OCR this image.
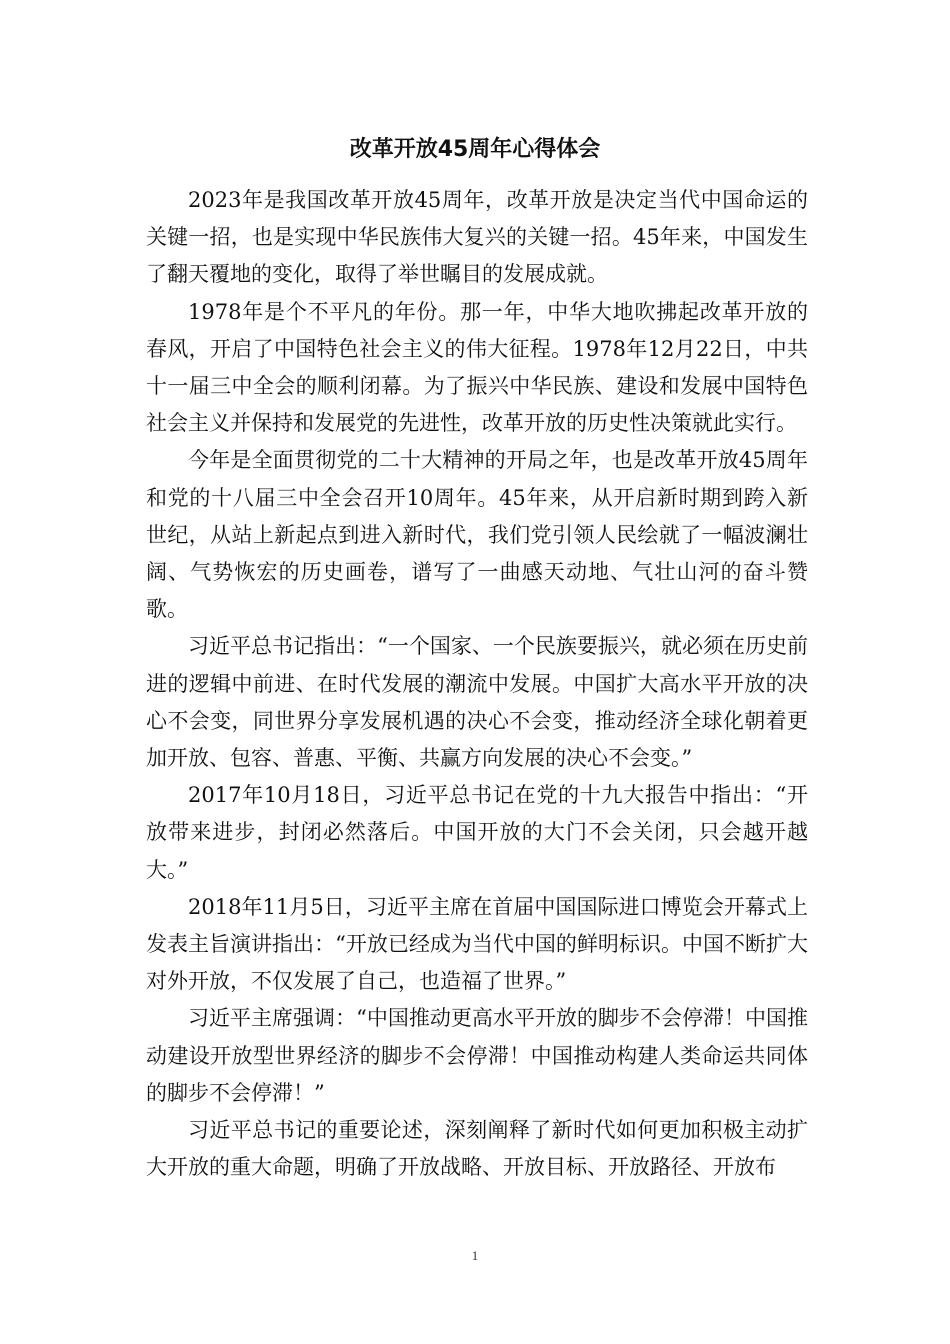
改革开放45周年心得体会

2023年是我国改革开放45周年，改革开放是决定当代中国命运的关键一招，也是实现中华民族伟大复兴的关键一招。45年来，中国发生了翻天覆地的变化，取得了举世瞩目的发展成就。

1978年是个不平凡的年份。那一年，中华大地吹拂起改革开放的春风，开启了中国特色社会主义的伟大征程。1978年12月22日，中共十一届三中全会的顺利闭幕。为了振兴中华民族、建设和发展中国特色社会主义并保持和发展党的先进性，改革开放的历史性决策就此实行。

今年是全面贯彻党的二十大精神的开局之年，也是改革开放45周年和党的十八届三中全会召开10周年。45年来，从开启新时期到跨入新世纪，从站上新起点到进入新时代，我们党引领人民绘就了一幅波澜壮阔、气势恢宏的历史画卷，谱写了一曲感天动地、气壮山河的奋斗赞歌。

习近平总书记指出：“一个国家、一个民族要振兴，就必须在历史前进的逻辑中前进、在时代发展的潮流中发展。中国扩大高水平开放的决心不会变，同世界分享发展机遇的决心不会变，推动经济全球化朝着更加开放、包容、普惠、平衡、共赢方向发展的决心不会变。”

2017年10月18日，习近平总书记在党的十九大报告中指出：“开放带来进步，封闭必然落后。中国开放的大门不会关闭，只会越开越大。”

2018年11月5日，习近平主席在首届中国国际进口博览会开幕式上发表主旨演讲指出：“开放已经成为当代中国的鲜明标识。中国不断扩大对外开放，不仅发展了自己，也造福了世界。”

习近平主席强调：“中国推动更高水平开放的脚步不会停滞！中国推动建设开放型世界经济的脚步不会停滞！中国推动构建人类命运共同体的脚步不会停滞！”

习近平总书记的重要论述，深刻阐释了新时代如何更加积极主动扩大开放的重大命题，明确了开放战略、开放目标、开放路径、开放布

1
